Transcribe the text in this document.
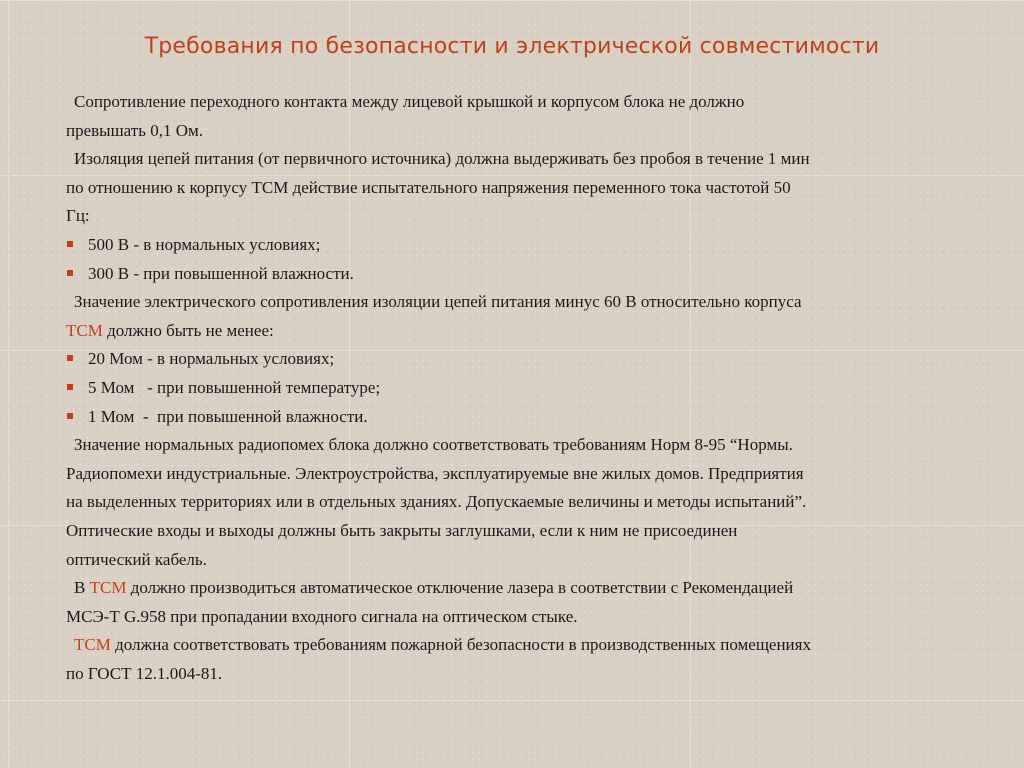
Требования по безопасности и электрической совместимости
Сопротивление переходного контакта между лицевой крышкой и корпусом блока не должно
превышать 0,1 Ом.
Изоляция цепей питания (от первичного источника) должна выдерживать без пробоя в течение 1 мин
по отношению к корпусу ТСМ действие испытательного напряжения переменного тока частотой 50
Гц:
500 В - в нормальных условиях;
300 В - при повышенной влажности.
Значение электрического сопротивления изоляции цепей питания минус 60 В относительно корпуса
ТСМ должно быть не менее:
20 Мом - в нормальных условиях;
5 Мом   - при повышенной температуре;
1 Мом  -  при повышенной влажности.
Значение нормальных радиопомех блока должно соответствовать требованиям Норм 8-95 “Нормы.
Радиопомехи индустриальные. Электроустройства, эксплуатируемые вне жилых домов. Предприятия
на выделенных территориях или в отдельных зданиях. Допускаемые величины и методы испытаний”.
Оптические входы и выходы должны быть закрыты заглушками, если к ним не присоединен
оптический кабель.
В ТСМ должно производиться автоматическое отключение лазера в соответствии с Рекомендацией
МСЭ-Т G.958 при пропадании входного сигнала на оптическом стыке.
ТСМ должна соответствовать требованиям пожарной безопасности в производственных помещениях
по ГОСТ 12.1.004-81.
